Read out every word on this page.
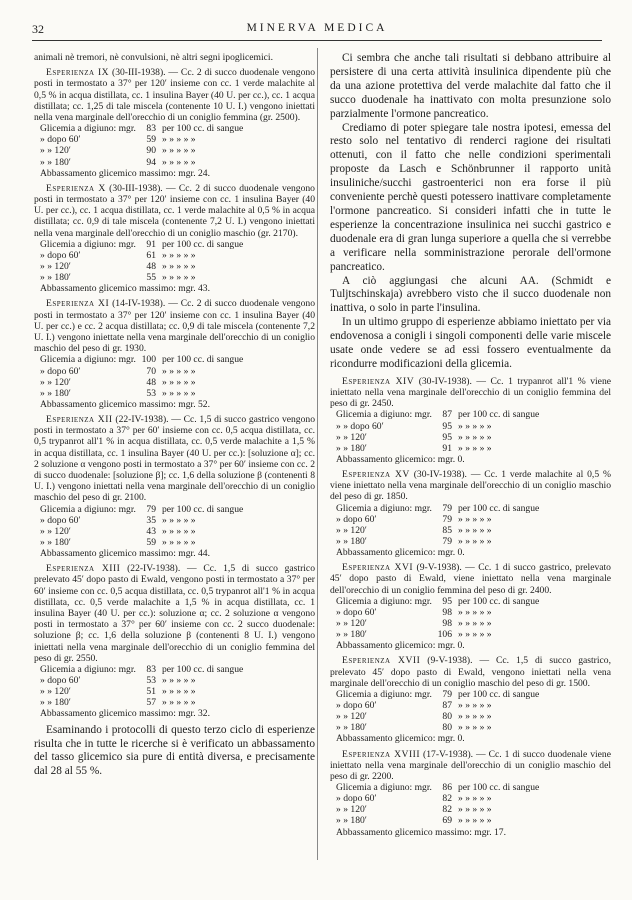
32	MINERVA MEDICA

animali nè tremori, nè convulsioni, nè altri segni ipoglicemici.

Esperienza IX (30-III-1938). — Cc. 2 di succo duodenale vengono posti in termostato a 37° per 120′ insieme con cc. 1 verde malachite al 0,5 % in acqua distillata, cc. 1 insulina Bayer (40 U. per cc.), cc. 1 acqua distillata; cc. 1,25 di tale miscela (contenente 10 U. I.) vengono iniettati nella vena marginale dell'orecchio di un coniglio femmina (gr. 2500).

Glicemia a digiuno: mgr. 83 per 100 cc. di sangue
» dopo 60′	59 » » » » »
» » 120′	90 » » » » »
» » 180′	94 » » » » »
Abbassamento glicemico massimo: mgr. 24.

Esperienza X (30-III-1938). — Cc. 2 di succo duodenale vengono posti in termostato a 37° per 120′ insieme con cc. 1 insulina Bayer (40 U. per cc.), cc. 1 acqua distillata, cc. 1 verde malachite al 0,5 % in acqua distillata; cc. 0,9 di tale miscela (contenente 7,2 U. I.) vengono iniettati nella vena marginale dell'orecchio di un coniglio maschio (gr. 2170).

Glicemia a digiuno: mgr. 91 per 100 cc. di sangue
» dopo 60′	61 » » » » »
» » 120′	48 » » » » »
» » 180′	55 » » » » »
Abbassamento glicemico massimo: mgr. 43.

Esperienza XI (14-IV-1938). — Cc. 2 di succo duodenale vengono posti in termostato a 37° per 120′ insieme con cc. 1 insulina Bayer (40 U. per cc.) e cc. 2 acqua distillata; cc. 0,9 di tale miscela (contenente 7,2 U. I.) vengono iniettate nella vena marginale dell'orecchio di un coniglio maschio del peso di gr. 1930.

Glicemia a digiuno: mgr. 100 per 100 cc. di sangue
» dopo 60′	70 » » » » »
» » 120′	48 » » » » »
» » 180′	53 » » » » »
Abbassamento glicemico massimo: mgr. 52.

Esperienza XII (22-IV-1938). — Cc. 1,5 di succo gastrico vengono posti in termostato a 37° per 60′ insieme con cc. 0,5 acqua distillata, cc. 0,5 trypanrot all'1 % in acqua distillata, cc. 0,5 verde malachite a 1,5 % in acqua distillata, cc. 1 insulina Bayer (40 U. per cc.): [soluzione α]; cc. 2 soluzione α vengono posti in termostato a 37° per 60′ insieme con cc. 2 di succo duodenale: [soluzione β]; cc. 1,6 della soluzione β (contenenti 8 U. I.) vengono iniettati nella vena marginale dell'orecchio di un coniglio maschio del peso di gr. 2100.

Glicemia a digiuno: mgr. 79 per 100 cc. di sangue
» dopo 60′	35 » » » » »
» » 120′	43 » » » » »
» » 180′	59 » » » » »
Abbassamento glicemico massimo: mgr. 44.

Esperienza XIII (22-IV-1938). — Cc. 1,5 di succo gastrico prelevato 45′ dopo pasto di Ewald, vengono posti in termostato a 37° per 60′ insieme con cc. 0,5 acqua distillata, cc. 0,5 trypanrot all'1 % in acqua distillata, cc. 0,5 verde malachite a 1,5 % in acqua distillata, cc. 1 insulina Bayer (40 U. per cc.): soluzione α; cc. 2 soluzione α vengono posti in termostato a 37° per 60′ insieme con cc. 2 succo duodenale: soluzione β; cc. 1,6 della soluzione β (contenenti 8 U. I.) vengono iniettati nella vena marginale dell'orecchio di un coniglio femmina del peso di gr. 2550.

Glicemia a digiuno: mgr. 83 per 100 cc. di sangue
» dopo 60′	53 » » » » »
» » 120′	51 » » » » »
» » 180′	57 » » » » »
Abbassamento glicemico massimo: mgr. 32.

Esaminando i protocolli di questo terzo ciclo di esperienze risulta che in tutte le ricerche si è verificato un abbassamento del tasso glicemico sia pure di entità diversa, e precisamente dal 28 al 55 %.

Ci sembra che anche tali risultati si debbano attribuire al persistere di una certa attività insulinica dipendente più che da una azione protettiva del verde malachite dal fatto che il succo duodenale ha inattivato con molta presunzione solo parzialmente l'ormone pancreatico.

Crediamo di poter spiegare tale nostra ipotesi, emessa del resto solo nel tentativo di renderci ragione dei risultati ottenuti, con il fatto che nelle condizioni sperimentali proposte da Lasch e Schönbrunner il rapporto unità insuliniche/succhi gastroenterici non era forse il più conveniente perchè questi potessero inattivare completamente l'ormone pancreatico. Si consideri infatti che in tutte le esperienze la concentrazione insulinica nei succhi gastrico e duodenale era di gran lunga superiore a quella che si verrebbe a verificare nella somministrazione perorale dell'ormone pancreatico.

A ciò aggiungasi che alcuni AA. (Schmidt e Tuljtschinskaja) avrebbero visto che il succo duodenale non inattiva, o solo in parte l'insulina.

In un ultimo gruppo di esperienze abbiamo iniettato per via endovenosa a conigli i singoli componenti delle varie miscele usate onde vedere se ad essi fossero eventualmente da ricondurre modificazioni della glicemia.

Esperienza XIV (30-IV-1938). — Cc. 1 trypanrot all'1 % viene iniettato nella vena marginale dell'orecchio di un coniglio femmina del peso di gr. 2450.

Glicemia a digiuno: mgr. 87 per 100 cc. di sangue
» » dopo 60′	95 » » » » »
» » 120′	95 » » » » »
» » 180′	91 » » » » »
Abbassamento glicemico: mgr. 0.

Esperienza XV (30-IV-1938). — Cc. 1 verde malachite al 0,5 % viene iniettato nella vena marginale dell'orecchio di un coniglio maschio del peso di gr. 1850.

Glicemia a digiuno: mgr. 79 per 100 cc. di sangue
» dopo 60′	79 » » » » »
» » 120′	85 » » » » »
» » 180′	79 » » » » »
Abbassamento glicemico: mgr. 0.

Esperienza XVI (9-V-1938). — Cc. 1 di succo gastrico, prelevato 45′ dopo pasto di Ewald, viene iniettato nella vena marginale dell'orecchio di un coniglio femmina del peso di gr. 2400.

Glicemia a digiuno: mgr. 95 per 100 cc. di sangue
» dopo 60′	98 » » » » »
» » 120′	98 » » » » »
» » 180′	106 » » » » »
Abbassamento glicemico: mgr. 0.

Esperienza XVII (9-V-1938). — Cc. 1,5 di succo gastrico, prelevato 45′ dopo pasto di Ewald, vengono iniettati nella vena marginale dell'orecchio di un coniglio maschio del peso di gr. 1500.

Glicemia a digiuno: mgr. 79 per 100 cc. di sangue
» dopo 60′	87 » » » » »
» » 120′	80 » » » » »
» » 180′	80 » » » » »
Abbassamento glicemico: mgr. 0.

Esperienza XVIII (17-V-1938). — Cc. 1 di succo duodenale viene iniettato nella vena marginale dell'orecchio di un coniglio maschio del peso di gr. 2200.

Glicemia a digiuno: mgr. 86 per 100 cc. di sangue
» dopo 60′	82 » » » » »
» » 120′	82 » » » » »
» » 180′	69 » » » » »
Abbassamento glicemico massimo: mgr. 17.
